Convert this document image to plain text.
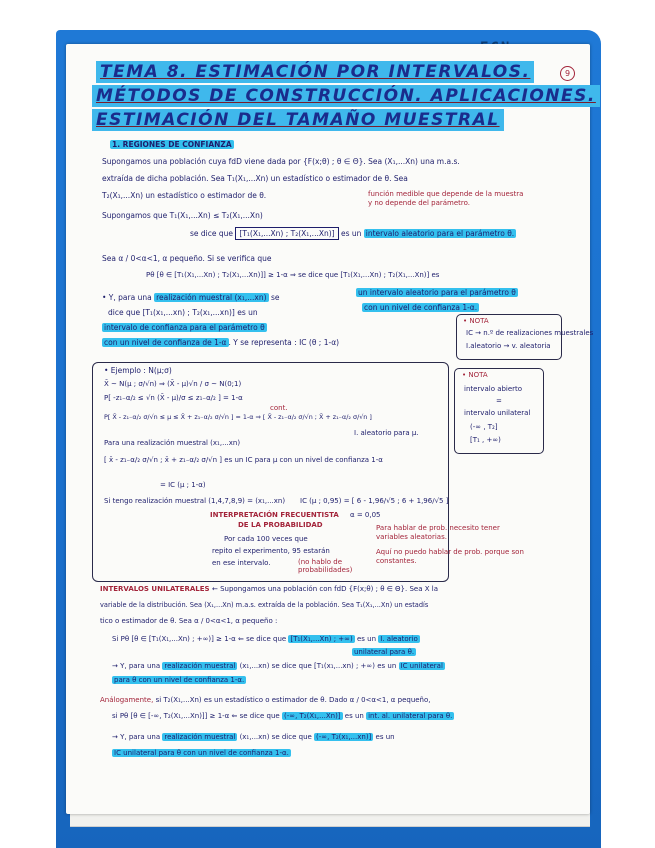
9
TEMA 8. ESTIMACIÓN POR INTERVALOS.
MÉTODOS DE CONSTRUCCIÓN. APLICACIONES.
ESTIMACIÓN DEL TAMAÑO MUESTRAL
1. REGIONES DE CONFIANZA
Supongamos una población cuya fdD viene dada por {F(x;θ) ; θ ∈ Θ}. Sea (X₁,...Xn) una m.a.s.
extraída de dicha población. Sea T₁(X₁,...Xn) un estadístico o estimador de θ. Sea
T₂(X₁,...Xn) un estadístico o estimador de θ.	función medible que depende de la muestra y no depende del parámetro.
Supongamos que T₁(X₁,...Xn) ≤ T₂(X₁,...Xn)
se dice que [T₁(X₁,...Xn) ; T₂(X₁,...Xn)] es un intervalo aleatorio para el parámetro θ.
Sea α / 0<α<1, α pequeño. Si se verifica que
Pθ [θ ∈ [T₁(X₁,...Xn) ; T₂(X₁,...Xn)]] ≥ 1-α ⇒ se dice que [T₁(X₁,...Xn) ; T₂(X₁,...Xn)] es
un intervalo aleatorio para el parámetro θ
con un nivel de confianza 1-α.
• Y, para una realización muestral (x₁,...xn) se
dice que [T₁(x₁,...xn) ; T₂(x₁,...xn)] es un
intervalo de confianza para el parámetro θ
con un nivel de confianza de 1-α . Y se representa : IC (θ ; 1-α)
• NOTA
IC → n.º de realizaciones muestrales
I.aleatorio → v. aleatoria
• Ejemplo : N(μ;σ)
X̄ ~ N(μ ; σ/√n) ⇒ (X̄ - μ)√n / σ ~ N(0;1)
P[ -z₁₋α/₂ ≤ √n (X̄ - μ)/σ ≤ z₁₋α/₂ ] = 1-α
cont.
P[ X̄ - z₁₋α/₂ σ/√n ≤ μ ≤ X̄ + z₁₋α/₂ σ/√n ] = 1-α ⇒ [ X̄ - z₁₋α/₂ σ/√n ; X̄ + z₁₋α/₂ σ/√n ]
I. aleatorio para μ.
Para una realización muestral (x₁,...xn)
[ x̄ - z₁₋α/₂ σ/√n ; x̄ + z₁₋α/₂ σ/√n ] es un IC para μ con un nivel de confianza 1-α
= IC (μ ; 1-α)
Si tengo realización muestral (1,4,7,8,9) = (x₁,...xn) IC (μ ; 0,95) = [ 6 - 1,96/√5 ; 6 + 1,96/√5 ]
α = 0,05
INTERPRETACIÓN FRECUENTISTA
DE LA PROBABILIDAD
Por cada 100 veces que
repito el experimento, 95 estarán
en ese intervalo.	(no hablo de probabilidades)
Para hablar de prob. necesito tener variables aleatorias.
Aquí no puedo hablar de prob. porque son constantes.
• NOTA
intervalo abierto
=
intervalo unilateral
(-∞ , T₂]
[T₁ , +∞)
INTERVALOS UNILATERALES ← Supongamos una población con fdD {F(x;θ) ; θ ∈ Θ}. Sea X la
variable de la distribución. Sea (X₁,...Xn) m.a.s. extraída de la población. Sea T₁(X₁,...Xn) un estadís
tico o estimador de θ. Sea α / 0<α<1, α pequeño :
Si Pθ [θ ∈ [T₁(X₁,...Xn) ; +∞)] ≥ 1-α ⇐ se dice que [T₁(X₁,...Xn) ; +∞) es un I. aleatorio
unilateral para θ.
→ Y, para una realización muestral (x₁,...xn) se dice que [T₁(x₁,...xn) ; +∞) es un IC unilateral
para θ con un nivel de confianza 1-α.
Análogamente, si T₂(X₁,...Xn) es un estadístico o estimador de θ. Dado α / 0<α<1, α pequeño,
si Pθ [θ ∈ [-∞, T₂(X₁,...Xn)]] ≥ 1-α ⇐ se dice que (-∞, T₂(X₁,...Xn)] es un int. al. unilateral para θ.
→ Y, para una realización muestral (x₁,...xn) se dice que (-∞, T₂(x₁,...xn)] es un
IC unilateral para θ con un nivel de confianza 1-α.
